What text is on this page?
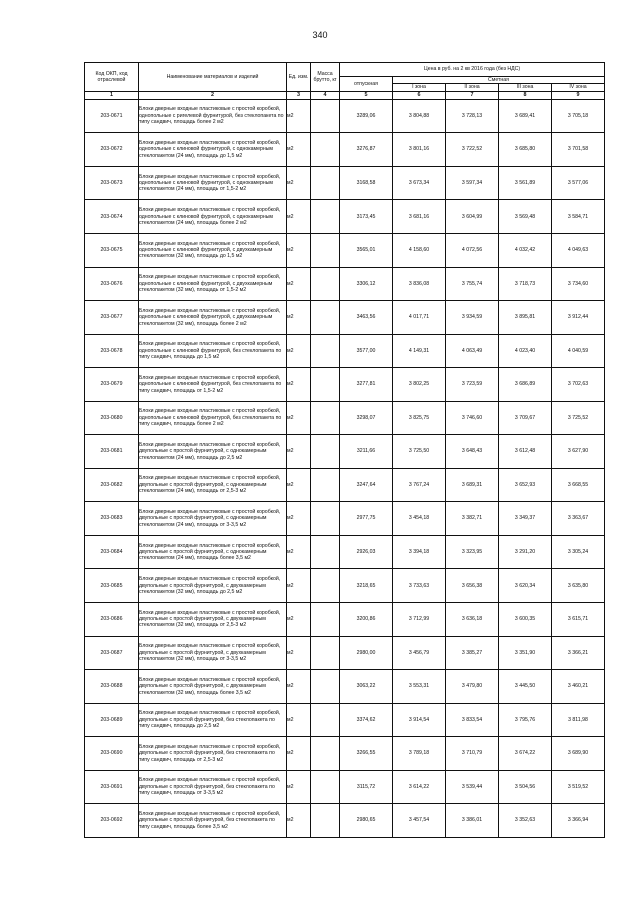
340
Код ОКП, код отраслевой	Наименование материалов и изделий	Ед. изм.	Масса брутто, кг	Цена в руб. на 2 кв 2016 года (без НДС)				
				отпускная	Сметная			
					I зона	II зона	III зона	IV зона
1	2	3	4	5	6	7	8	9
203-0671	Блоки дверные входные пластиковые с простой коробкой, однопольные с ригелевой фурнитурой, без стеклопакета по типу сандвич, площадь более 2 м2	м2		3289,06	3 804,88	3 728,13	3 689,41	3 705,18
203-0672	Блоки дверные входные пластиковые с простой коробкой, однопольные с клиновой фурнитурой, с однокамерным стеклопакетом (24 мм), площадь до 1,5 м2	м2		3276,87	3 801,16	3 722,52	3 685,80	3 701,58
203-0673	Блоки дверные входные пластиковые с простой коробкой, однопольные с клиновой фурнитурой, с однокамерным стеклопакетом (24 мм), площадь от 1,5-2 м2	м2		3168,58	3 673,34	3 597,34	3 561,89	3 577,06
203-0674	Блоки дверные входные пластиковые с простой коробкой, однопольные с клиновой фурнитурой, с однокамерным стеклопакетом (24 мм), площадь более 2 м2	м2		3173,45	3 681,16	3 604,99	3 569,48	3 584,71
203-0675	Блоки дверные входные пластиковые с простой коробкой, однопольные с клиновой фурнитурой, с двухкамерным стеклопакетом (32 мм), площадь до 1,5 м2	м2		3565,01	4 158,60	4 072,56	4 032,42	4 049,63
203-0676	Блоки дверные входные пластиковые с простой коробкой, однопольные с клиновой фурнитурой, с двухкамерным стеклопакетом (32 мм), площадь от 1,5-2 м2	м2		3306,12	3 836,08	3 755,74	3 718,73	3 734,60
203-0677	Блоки дверные входные пластиковые с простой коробкой, однопольные с клиновой фурнитурой, с двухкамерным стеклопакетом (32 мм), площадь более 2 м2	м2		3463,56	4 017,71	3 934,59	3 895,81	3 912,44
203-0678	Блоки дверные входные пластиковые с простой коробкой, однопольные с клиновой фурнитурой, без стеклопакета по типу сандвич, площадь до 1,5 м2	м2		3577,00	4 149,31	4 063,49	4 023,40	4 040,59
203-0679	Блоки дверные входные пластиковые с простой коробкой, однопольные с клиновой фурнитурой, без стеклопакета по типу сандвич, площадь от 1,5-2 м2	м2		3277,81	3 802,25	3 723,59	3 686,89	3 702,63
203-0680	Блоки дверные входные пластиковые с простой коробкой, однопольные с клиновой фурнитурой, без стеклопакета по типу сандвич, площадь более 2 м2	м2		3298,07	3 825,75	3 746,60	3 709,67	3 725,52
203-0681	Блоки дверные входные пластиковые с простой коробкой, двупольные с простой фурнитурой, с однокамерным стеклопакетом (24 мм), площадь до 2,5 м2	м2		3211,66	3 725,50	3 648,43	3 612,48	3 627,90
203-0682	Блоки дверные входные пластиковые с простой коробкой, двупольные с простой фурнитурой, с однокамерным стеклопакетом (24 мм), площадь от 2,5-3 м2	м2		3247,64	3 767,24	3 689,31	3 652,93	3 668,55
203-0683	Блоки дверные входные пластиковые с простой коробкой, двупольные с простой фурнитурой, с однокамерным стеклопакетом (24 мм), площадь от 3-3,5 м2	м2		2977,75	3 454,18	3 382,71	3 349,37	3 363,67
203-0684	Блоки дверные входные пластиковые с простой коробкой, двупольные с простой фурнитурой, с однокамерным стеклопакетом (24 мм), площадь более 3,5 м2	м2		2926,03	3 394,18	3 323,95	3 291,20	3 305,24
203-0685	Блоки дверные входные пластиковые с простой коробкой, двупольные с простой фурнитурой, с двухкамерным стеклопакетом (32 мм), площадь до 2,5 м2	м2		3218,65	3 733,63	3 656,38	3 620,34	3 635,80
203-0686	Блоки дверные входные пластиковые с простой коробкой, двупольные с простой фурнитурой, с двухкамерным стеклопакетом (32 мм), площадь от 2,5-3 м2	м2		3200,86	3 712,99	3 636,18	3 600,35	3 615,71
203-0687	Блоки дверные входные пластиковые с простой коробкой, двупольные с простой фурнитурой, с двухкамерным стеклопакетом (32 мм), площадь от 3-3,5 м2	м2		2980,00	3 456,79	3 385,27	3 351,90	3 366,21
203-0688	Блоки дверные входные пластиковые с простой коробкой, двупольные с простой фурнитурой, с двухкамерным стеклопакетом (32 мм), площадь более 3,5 м2	м2		3063,22	3 553,31	3 479,80	3 445,50	3 460,21
203-0689	Блоки дверные входные пластиковые с простой коробкой, двупольные с простой фурнитурой, без стеклопакета по типу сандвич, площадь до 2,5 м2	м2		3374,62	3 914,54	3 833,54	3 795,76	3 811,98
203-0690	Блоки дверные входные пластиковые с простой коробкой, двупольные с простой фурнитурой, без стеклопакета по типу сандвич, площадь от 2,5-3 м2	м2		3266,55	3 789,18	3 710,79	3 674,22	3 689,90
203-0691	Блоки дверные входные пластиковые с простой коробкой, двупольные с простой фурнитурой, без стеклопакета по типу сандвич, площадь от 3-3,5 м2	м2		3115,72	3 614,22	3 539,44	3 504,56	3 519,52
203-0692	Блоки дверные входные пластиковые с простой коробкой, двупольные с простой фурнитурой, без стеклопакета по типу сандвич, площадь более 3,5 м2	м2		2980,65	3 457,54	3 386,01	3 352,63	3 366,94
